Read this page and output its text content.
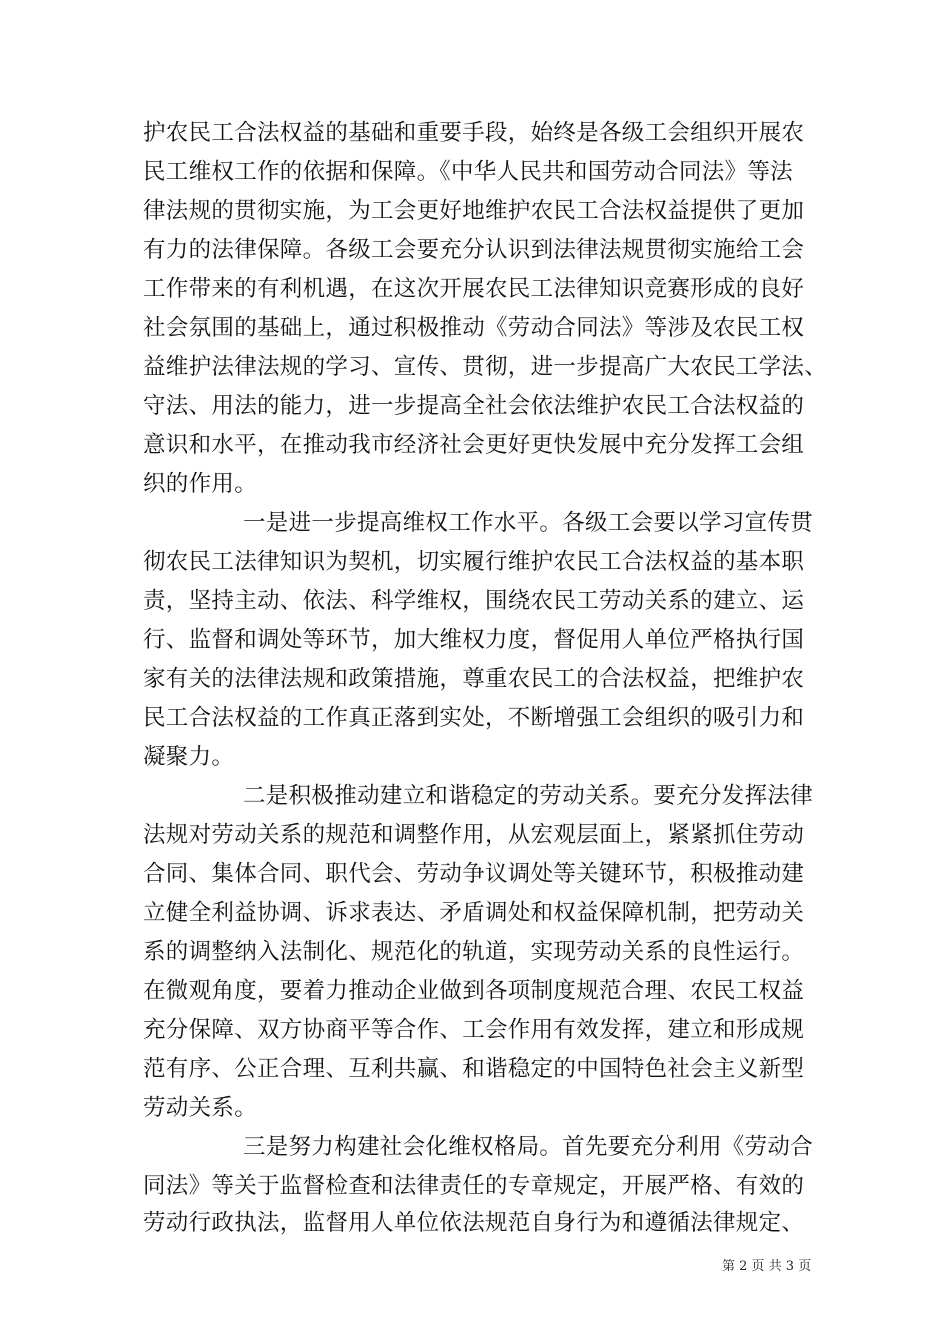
护农民工合法权益的基础和重要手段，始终是各级工会组织开展农
民工维权工作的依据和保障。《中华人民共和国劳动合同法》等法
律法规的贯彻实施，为工会更好地维护农民工合法权益提供了更加
有力的法律保障。各级工会要充分认识到法律法规贯彻实施给工会
工作带来的有利机遇，在这次开展农民工法律知识竞赛形成的良好
社会氛围的基础上，通过积极推动《劳动合同法》等涉及农民工权
益维护法律法规的学习、宣传、贯彻，进一步提高广大农民工学法、
守法、用法的能力，进一步提高全社会依法维护农民工合法权益的
意识和水平，在推动我市经济社会更好更快发展中充分发挥工会组
织的作用。
一是进一步提高维权工作水平。各级工会要以学习宣传贯
彻农民工法律知识为契机，切实履行维护农民工合法权益的基本职
责，坚持主动、依法、科学维权，围绕农民工劳动关系的建立、运
行、监督和调处等环节，加大维权力度，督促用人单位严格执行国
家有关的法律法规和政策措施，尊重农民工的合法权益，把维护农
民工合法权益的工作真正落到实处，不断增强工会组织的吸引力和
凝聚力。
二是积极推动建立和谐稳定的劳动关系。要充分发挥法律
法规对劳动关系的规范和调整作用，从宏观层面上，紧紧抓住劳动
合同、集体合同、职代会、劳动争议调处等关键环节，积极推动建
立健全利益协调、诉求表达、矛盾调处和权益保障机制，把劳动关
系的调整纳入法制化、规范化的轨道，实现劳动关系的良性运行。
在微观角度，要着力推动企业做到各项制度规范合理、农民工权益
充分保障、双方协商平等合作、工会作用有效发挥，建立和形成规
范有序、公正合理、互利共赢、和谐稳定的中国特色社会主义新型
劳动关系。
三是努力构建社会化维权格局。首先要充分利用《劳动合
同法》等关于监督检查和法律责任的专章规定，开展严格、有效的
劳动行政执法，监督用人单位依法规范自身行为和遵循法律规定、
第 2 页 共 3 页
